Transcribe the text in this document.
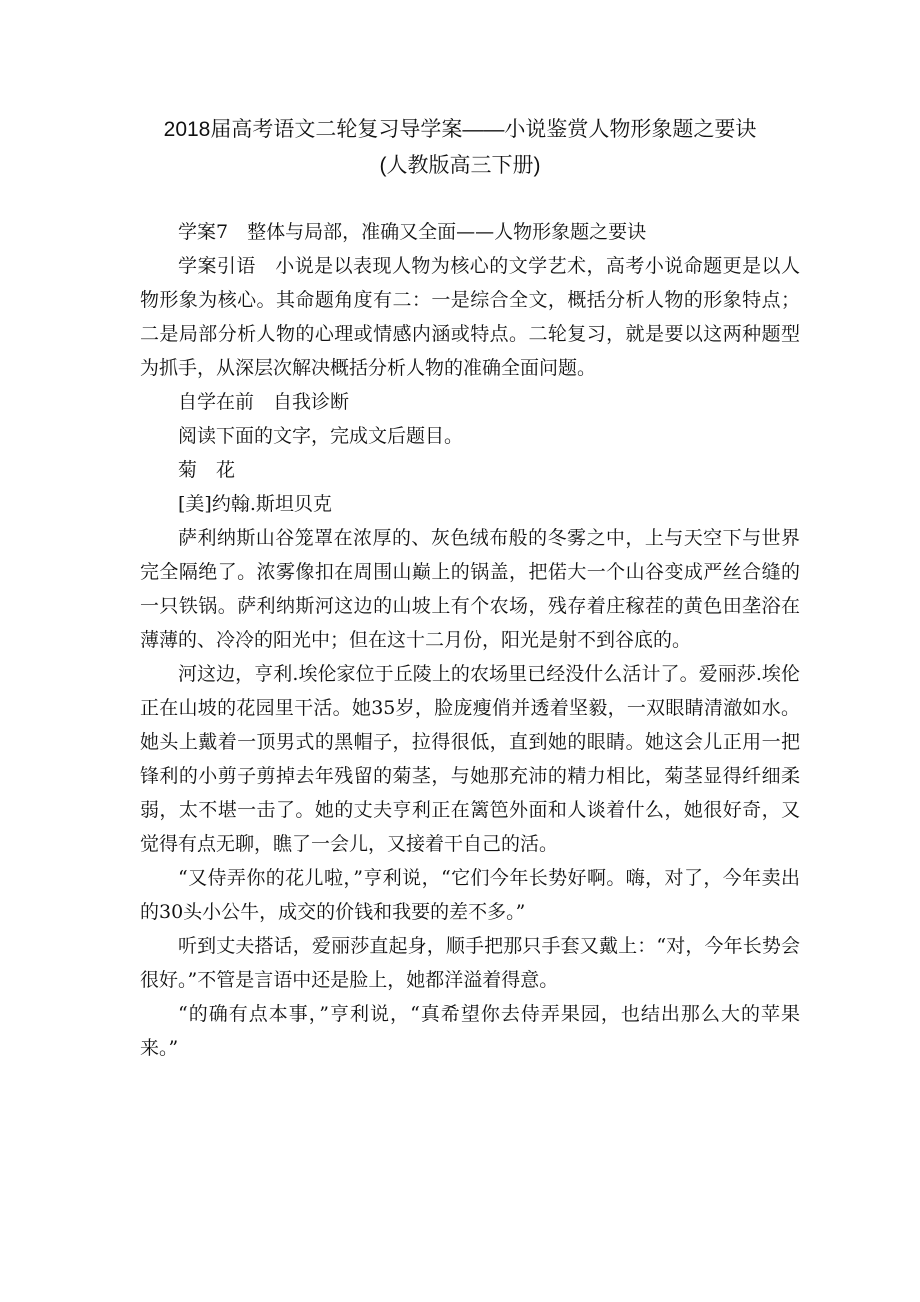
2018届高考语文二轮复习导学案——小说鉴赏人物形象题之要诀
(人教版高三下册)

学案7　整体与局部，准确又全面——人物形象题之要诀

学案引语　小说是以表现人物为核心的文学艺术，高考小说命题更是以人物形象为核心。其命题角度有二：一是综合全文，概括分析人物的形象特点；二是局部分析人物的心理或情感内涵或特点。二轮复习，就是要以这两种题型为抓手，从深层次解决概括分析人物的准确全面问题。

自学在前　自我诊断

阅读下面的文字，完成文后题目。

菊　花

[美]约翰.斯坦贝克

萨利纳斯山谷笼罩在浓厚的、灰色绒布般的冬雾之中，上与天空下与世界完全隔绝了。浓雾像扣在周围山巅上的锅盖，把偌大一个山谷变成严丝合缝的一只铁锅。萨利纳斯河这边的山坡上有个农场，残存着庄稼茬的黄色田垄浴在薄薄的、冷冷的阳光中；但在这十二月份，阳光是射不到谷底的。

河这边，亨利.埃伦家位于丘陵上的农场里已经没什么活计了。爱丽莎.埃伦正在山坡的花园里干活。她35岁，脸庞瘦俏并透着坚毅，一双眼睛清澈如水。她头上戴着一顶男式的黑帽子，拉得很低，直到她的眼睛。她这会儿正用一把锋利的小剪子剪掉去年残留的菊茎，与她那充沛的精力相比，菊茎显得纤细柔弱，太不堪一击了。她的丈夫亨利正在篱笆外面和人谈着什么，她很好奇，又觉得有点无聊，瞧了一会儿，又接着干自己的活。

“又侍弄你的花儿啦，”亨利说，“它们今年长势好啊。嗨，对了，今年卖出的30头小公牛，成交的价钱和我要的差不多。”

听到丈夫搭话，爱丽莎直起身，顺手把那只手套又戴上：“对，今年长势会很好。”不管是言语中还是脸上，她都洋溢着得意。

“的确有点本事，”亨利说，“真希望你去侍弄果园，也结出那么大的苹果来。”
